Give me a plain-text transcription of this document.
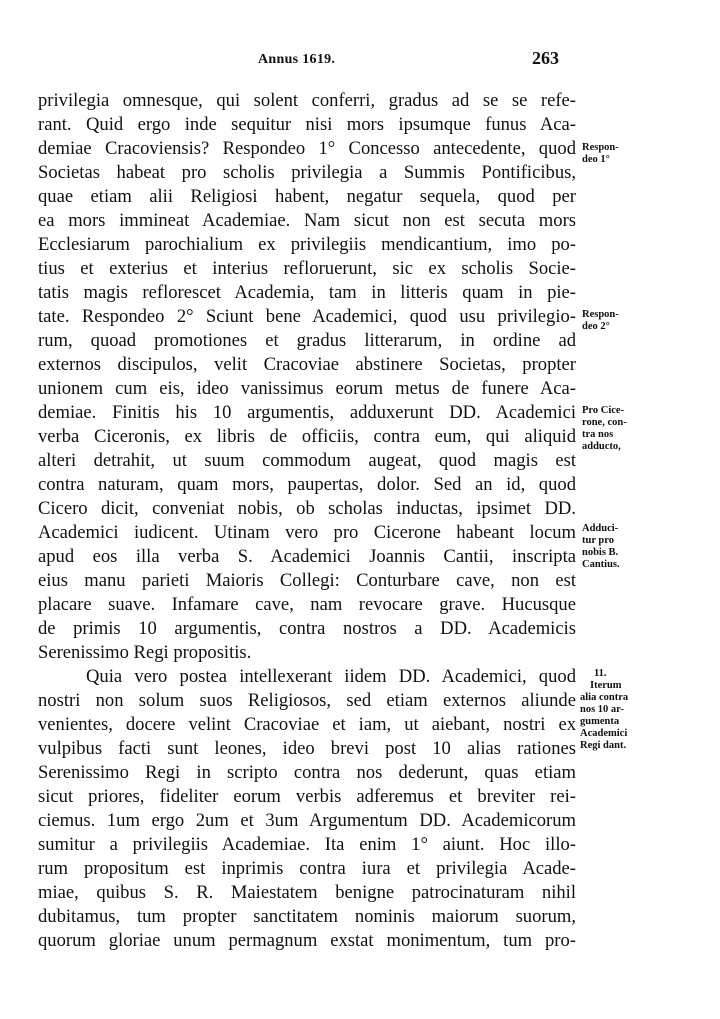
Annus 1619.	263
privilegia omnesque, qui solent conferri, gradus ad se se refe-
rant. Quid ergo inde sequitur nisi mors ipsumque funus Aca-
demiae Cracoviensis? Respondeo 1° Concesso antecedente, quod
Societas habeat pro scholis privilegia a Summis Pontificibus,
quae etiam alii Religiosi habent, negatur sequela, quod per
ea mors immineat Academiae. Nam sicut non est secuta mors
Ecclesiarum parochialium ex privilegiis mendicantium, imo po-
tius et exterius et interius refloruerunt, sic ex scholis Socie-
tatis magis reflorescet Academia, tam in litteris quam in pie-
tate. Respondeo 2° Sciunt bene Academici, quod usu privilegio-
rum, quoad promotiones et gradus litterarum, in ordine ad
externos discipulos, velit Cracoviae abstinere Societas, propter
unionem cum eis, ideo vanissimus eorum metus de funere Aca-
demiae. Finitis his 10 argumentis, adduxerunt DD. Academici
verba Ciceronis, ex libris de officiis, contra eum, qui aliquid
alteri detrahit, ut suum commodum augeat, quod magis est
contra naturam, quam mors, paupertas, dolor. Sed an id, quod
Cicero dicit, conveniat nobis, ob scholas inductas, ipsimet DD.
Academici iudicent. Utinam vero pro Cicerone habeant locum
apud eos illa verba S. Academici Joannis Cantii, inscripta
eius manu parieti Maioris Collegi: Conturbare cave, non est
placare suave. Infamare cave, nam revocare grave. Hucusque
de primis 10 argumentis, contra nostros a DD. Academicis
Serenissimo Regi propositis.
Quia vero postea intellexerant iidem DD. Academici, quod
nostri non solum suos Religiosos, sed etiam externos aliunde
venientes, docere velint Cracoviae et iam, ut aiebant, nostri ex
vulpibus facti sunt leones, ideo brevi post 10 alias rationes
Serenissimo Regi in scripto contra nos dederunt, quas etiam
sicut priores, fideliter eorum verbis adferemus et breviter rei-
ciemus. 1um ergo 2um et 3um Argumentum DD. Academicorum
sumitur a privilegiis Academiae. Ita enim 1° aiunt. Hoc illo-
rum propositum est inprimis contra iura et privilegia Acade-
miae, quibus S. R. Maiestatem benigne patrocinaturam nihil
dubitamus, tum propter sanctitatem nominis maiorum suorum,
quorum gloriae unum permagnum exstat monimentum, tum pro-
Respon-
deo 1°
Respon-
deo 2°
Pro Cice-
rone, con-
tra nos
adducto,
Adduci-
tur pro
nobis B.
Cantius.
11.
Iterum
alia contra
nos 10 ar-
gumenta
Academici
Regi dant.
